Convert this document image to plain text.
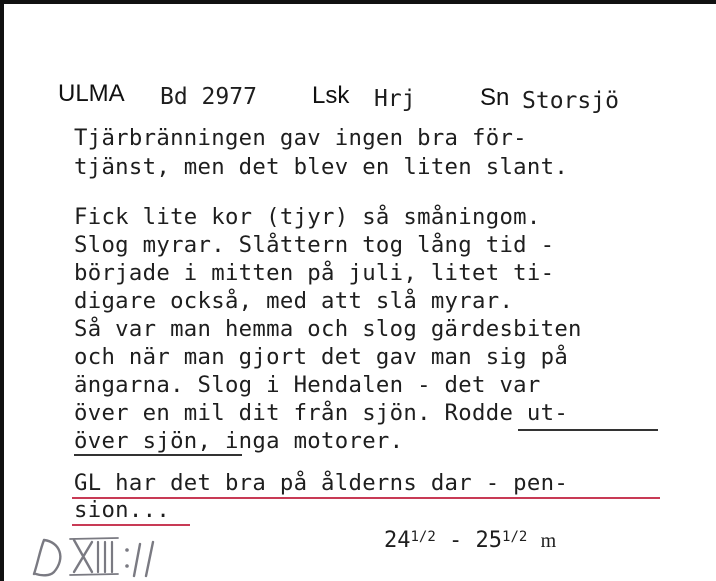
ULMA Bd 2977 Lsk Hrj	Sn Storsjö
Tjärbränningen gav ingen bra för-
tjänst, men det blev en liten slant.
Fick lite kor (tjyr) så småningom.
Slog myrar. Slåttern tog lång tid -
började i mitten på juli, litet ti-
digare också, med att slå myrar.
Så var man hemma och slog gärdesbiten
och när man gjort det gav man sig på
ängarna. Slog i Hendalen - det var
över en mil dit från sjön. Rodde ut-
över sjön, inga motorer.
GL har det bra på ålderns dar - pen-
sion...
$24^{1/2} - 25^{1/2}$ m
